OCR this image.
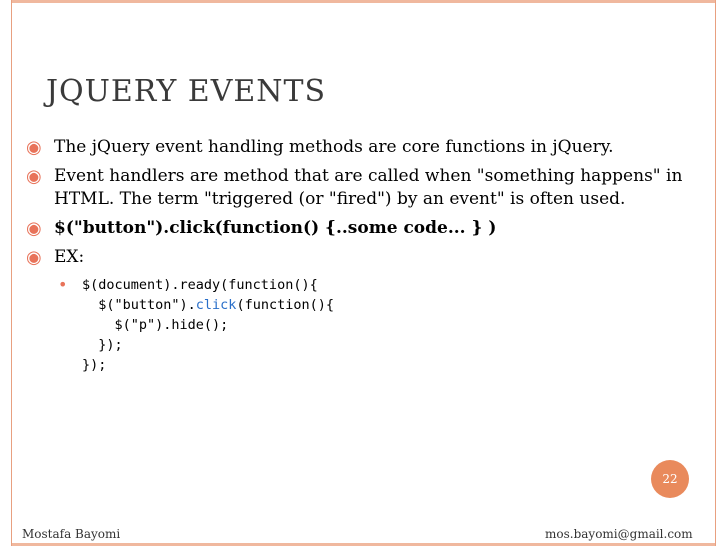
JQUERY EVENTS
◉ The jQuery event handling methods are core functions in jQuery.
◉ Event handlers are method that are called when "something happens" in HTML. The term "triggered (or "fired") by an event" is often used.
◉ $("button").click(function() {..some code... } )
◉ EX:
• $(document).ready(function(){
$("button").click(function(){
$("p").hide();
});
});
22
Mostafa Bayomi	mos.bayomi@gmail.com
